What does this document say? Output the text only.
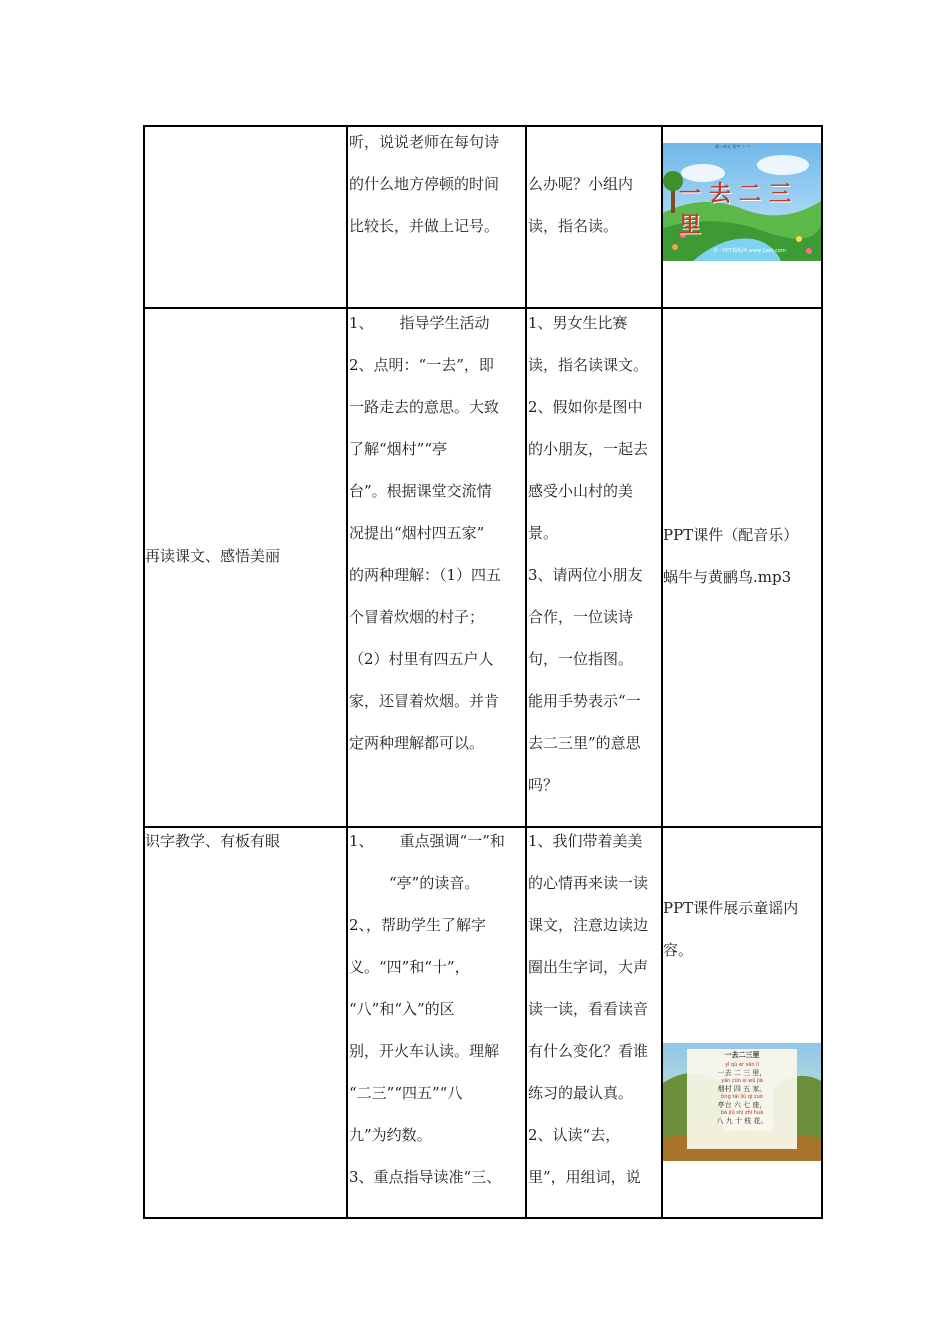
听，说说老师在每句诗

的什么地方停顿的时间

比较长，并做上记号。

么办呢？小组内

读，指名读。

第二单元 识字（一）
一去二三里
第一PPT模板网 www.1ppt.com

再读课文、感悟美丽

1、 指导学生活动

2、点明：“一去”，即

一路走去的意思。大致

了解“烟村”“亭

台”。根据课堂交流情

况提出“烟村四五家”

的两种理解：（1）四五

个冒着炊烟的村子；

（2）村里有四五户人

家，还冒着炊烟。并肯

定两种理解都可以。

1、男女生比赛

读，指名读课文。

2、假如你是图中

的小朋友，一起去

感受小山村的美

景。

3、请两位小朋友

合作，一位读诗

句，一位指图。

能用手势表示“一

去二三里”的意思

吗？

PPT课件（配音乐）

蜗牛与黄鹂鸟.mp3

识字教学、有板有眼	1、 重点强调“一”和

“亭”的读音。

2、，帮助学生了解字

义。“四”和“十”，

“八”和“入”的区

别，开火车认读。理解

“二三”“四五”“八

九”为约数。

3、重点指导读准“三、

1、我们带着美美

的心情再来读一读

课文，注意边读边

圈出生字词，大声

读一读，看看读音

有什么变化？看谁

练习的最认真。

2、认读“去，

里”，用组词，说

PPT课件展示童谣内

容。

一去二三里
yī qù èr sān lǐ
一去 二 三 里，
yān cūn sì wǔ jiā
烟村 四 五 家。
tíng tái liù qī zuò
亭台 六 七 座，
bā jiǔ shí zhī huā
八 九 十 枝 花。
